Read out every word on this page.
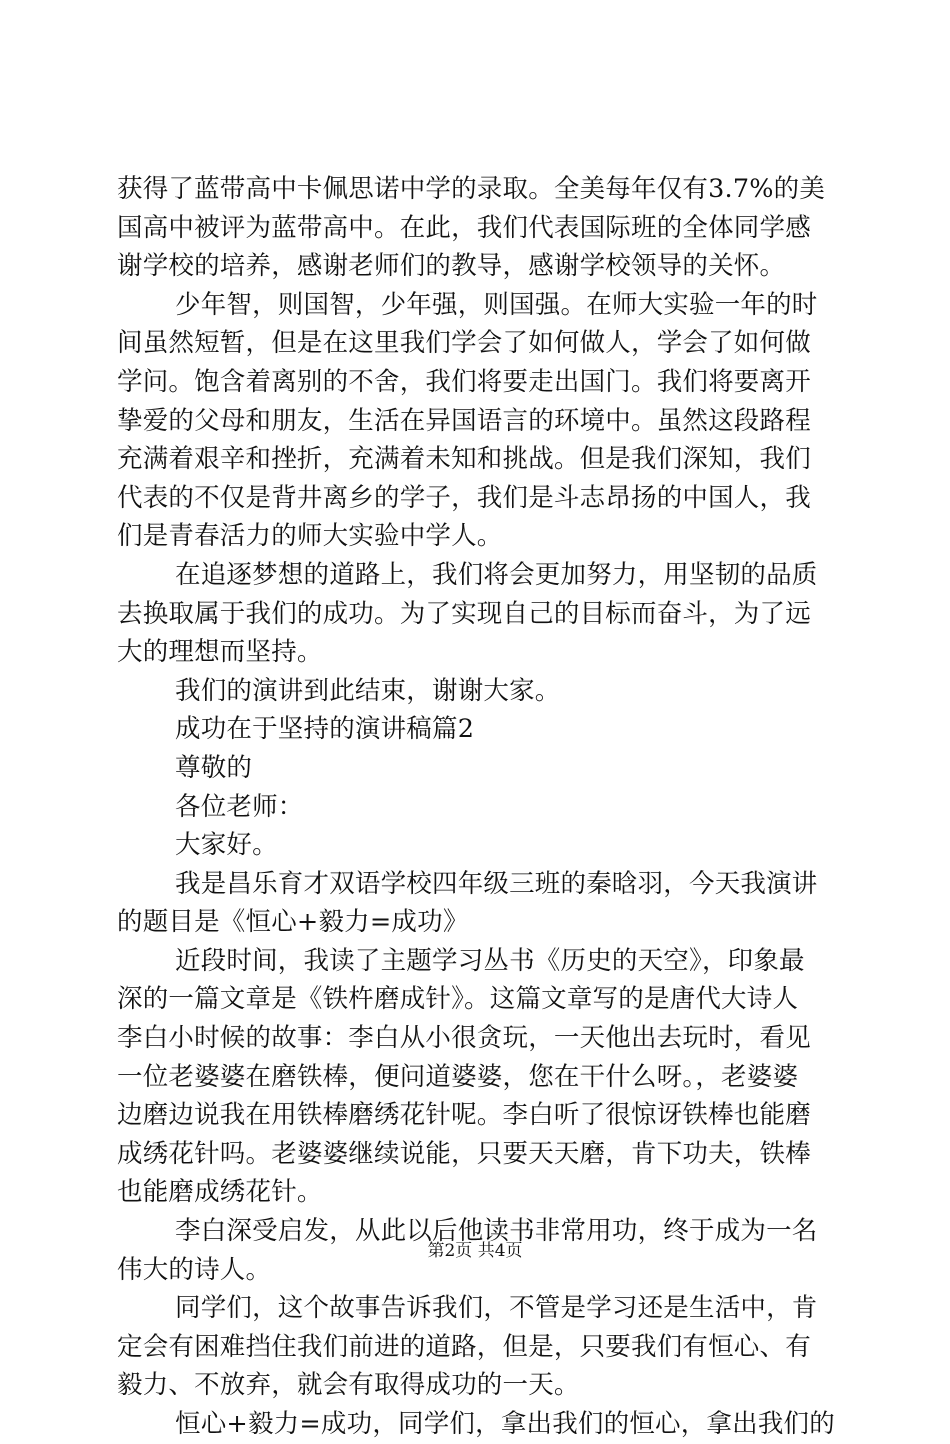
获得了蓝带高中卡佩思诺中学的录取。全美每年仅有3.7%的美
国高中被评为蓝带高中。在此，我们代表国际班的全体同学感
谢学校的培养，感谢老师们的教导，感谢学校领导的关怀。
少年智，则国智，少年强，则国强。在师大实验一年的时
间虽然短暂，但是在这里我们学会了如何做人，学会了如何做
学问。饱含着离别的不舍，我们将要走出国门。我们将要离开
挚爱的父母和朋友，生活在异国语言的环境中。虽然这段路程
充满着艰辛和挫折，充满着未知和挑战。但是我们深知，我们
代表的不仅是背井离乡的学子，我们是斗志昂扬的中国人，我
们是青春活力的师大实验中学人。
在追逐梦想的道路上，我们将会更加努力，用坚韧的品质
去换取属于我们的成功。为了实现自己的目标而奋斗，为了远
大的理想而坚持。
我们的演讲到此结束，谢谢大家。
成功在于坚持的演讲稿篇2
尊敬的
各位老师：
大家好。
我是昌乐育才双语学校四年级三班的秦晗羽，今天我演讲
的题目是《恒心+毅力=成功》
近段时间，我读了主题学习丛书《历史的天空》，印象最
深的一篇文章是《铁杵磨成针》。这篇文章写的是唐代大诗人
李白小时候的故事：李白从小很贪玩，一天他出去玩时，看见
一位老婆婆在磨铁棒，便问道婆婆，您在干什么呀。，老婆婆
边磨边说我在用铁棒磨绣花针呢。李白听了很惊讶铁棒也能磨
成绣花针吗。老婆婆继续说能，只要天天磨，肯下功夫，铁棒
也能磨成绣花针。
李白深受启发，从此以后他读书非常用功，终于成为一名
伟大的诗人。
同学们，这个故事告诉我们，不管是学习还是生活中，肯
定会有困难挡住我们前进的道路，但是，只要我们有恒心、有
毅力、不放弃，就会有取得成功的一天。
恒心+毅力=成功，同学们，拿出我们的恒心，拿出我们的
第2页 共4页
